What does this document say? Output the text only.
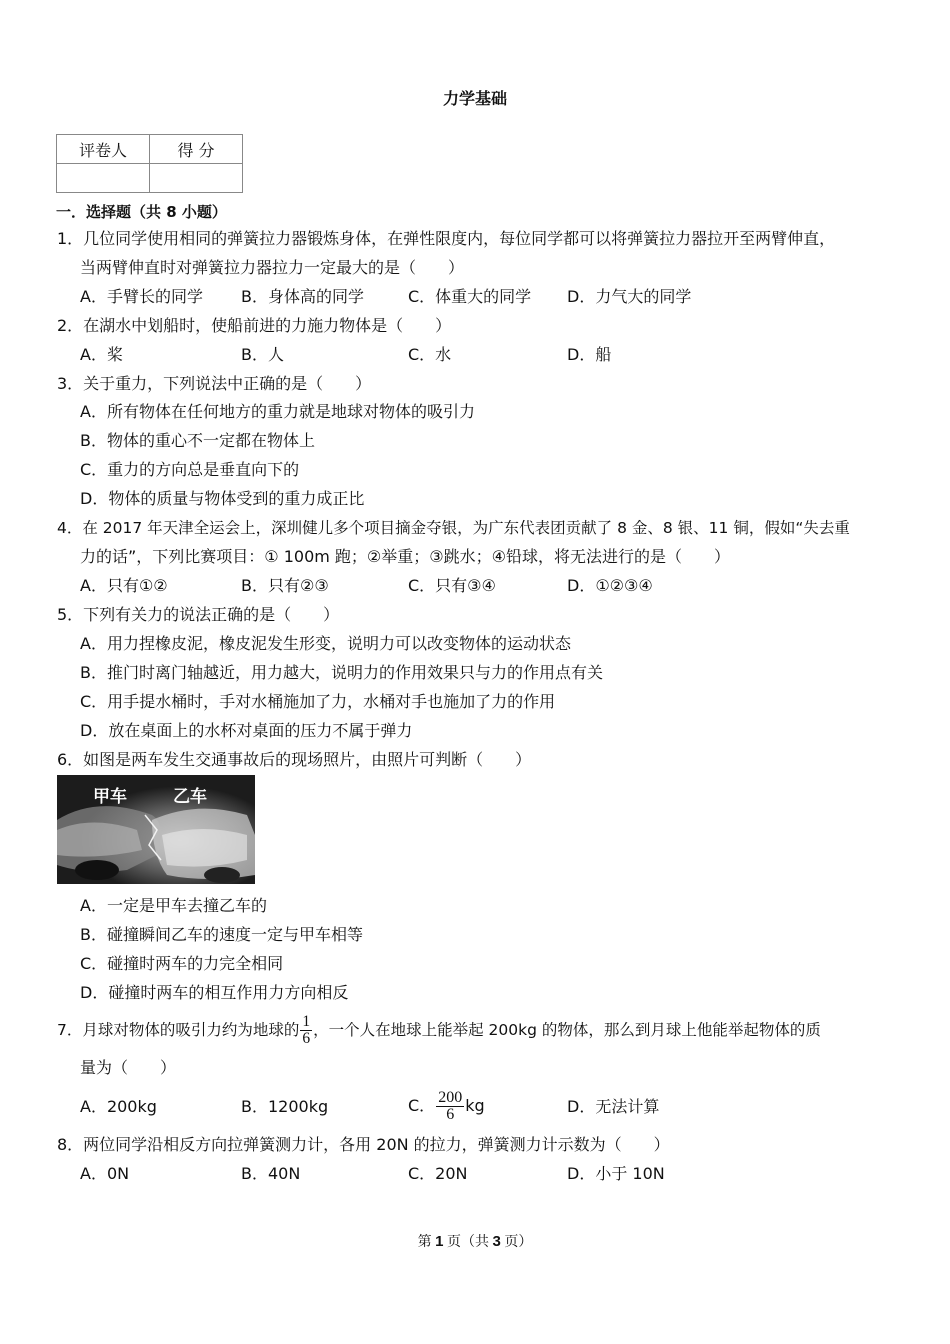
力学基础
评卷人	得 分

一．选择题（共 8 小题）
1．几位同学使用相同的弹簧拉力器锻炼身体，在弹性限度内，每位同学都可以将弹簧拉力器拉开至两臂伸直，
当两臂伸直时对弹簧拉力器拉力一定最大的是（　　）
A．手臂长的同学 B．身体高的同学	C．体重大的同学 D．力气大的同学
2．在湖水中划船时，使船前进的力施力物体是（　　）
A．桨	B．人	C．水	D．船
3．关于重力，下列说法中正确的是（　　）
A．所有物体在任何地方的重力就是地球对物体的吸引力
B．物体的重心不一定都在物体上
C．重力的方向总是垂直向下的
D．物体的质量与物体受到的重力成正比
4．在 2017 年天津全运会上，深圳健儿多个项目摘金夺银，为广东代表团贡献了 8 金、8 银、11 铜，假如“失去重
力的话”，下列比赛项目：① 100m 跑；②举重；③跳水；④铅球，将无法进行的是（　　）
A．只有①②	B．只有②③	C．只有③④	D．①②③④
5．下列有关力的说法正确的是（　　）
A．用力捏橡皮泥，橡皮泥发生形变，说明力可以改变物体的运动状态
B．推门时离门轴越近，用力越大，说明力的作用效果只与力的作用点有关
C．用手提水桶时，手对水桶施加了力，水桶对手也施加了力的作用
D．放在桌面上的水杯对桌面的压力不属于弹力
6．如图是两车发生交通事故后的现场照片，由照片可判断（　　）
甲车	乙车
A．一定是甲车去撞乙车的
B．碰撞瞬间乙车的速度一定与甲车相等
C．碰撞时两车的力完全相同
D．碰撞时两车的相互作用力方向相反
7．月球对物体的吸引力约为地球的 $\frac{1}{6}$ ，一个人在地球上能举起 200kg 的物体，那么到月球上他能举起物体的质
量为（　　）
A．200kg	B．1200kg	C． $\frac{200}{6}$ kg	D．无法计算
8．两位同学沿相反方向拉弹簧测力计，各用 20N 的拉力，弹簧测力计示数为（　　）
A．0N	B．40N	C．20N	D．小于 10N
第 1 页（共 3 页）
